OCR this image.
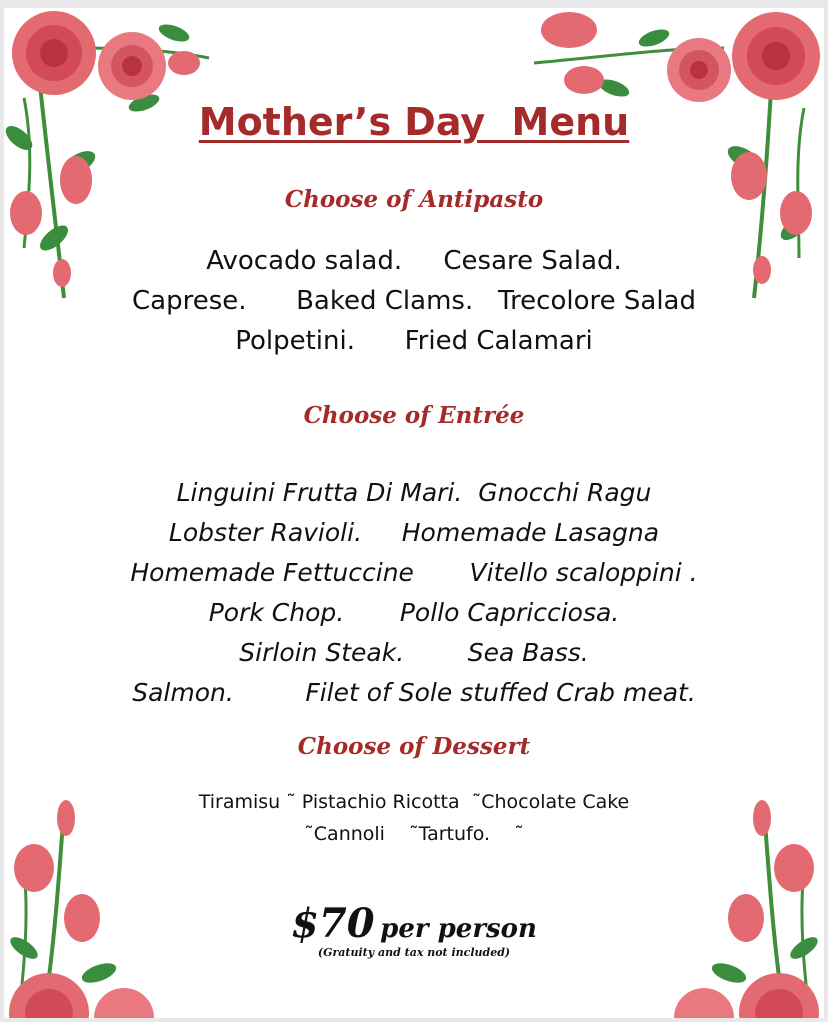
Mother’s Day  Menu
Choose of Antipasto
Avocado salad.     Cesare Salad.
Caprese.      Baked Clams.   Trecolore Salad
Polpetini.      Fried Calamari
Choose of Entrée
Linguini Frutta Di Mari.  Gnocchi Ragu
Lobster Ravioli.     Homemade Lasagna
Homemade Fettuccine       Vitello scaloppini .
Pork Chop.       Pollo Capricciosa.
Sirloin Steak.        Sea Bass.
Salmon.         Filet of Sole stuffed Crab meat.
Choose of Dessert
Tiramisu ˜ Pistachio Ricotta  ˜Chocolate Cake
˜Cannoli    ˜Tartufo.    ˜
$70 per person
(Gratuity and tax not included)
